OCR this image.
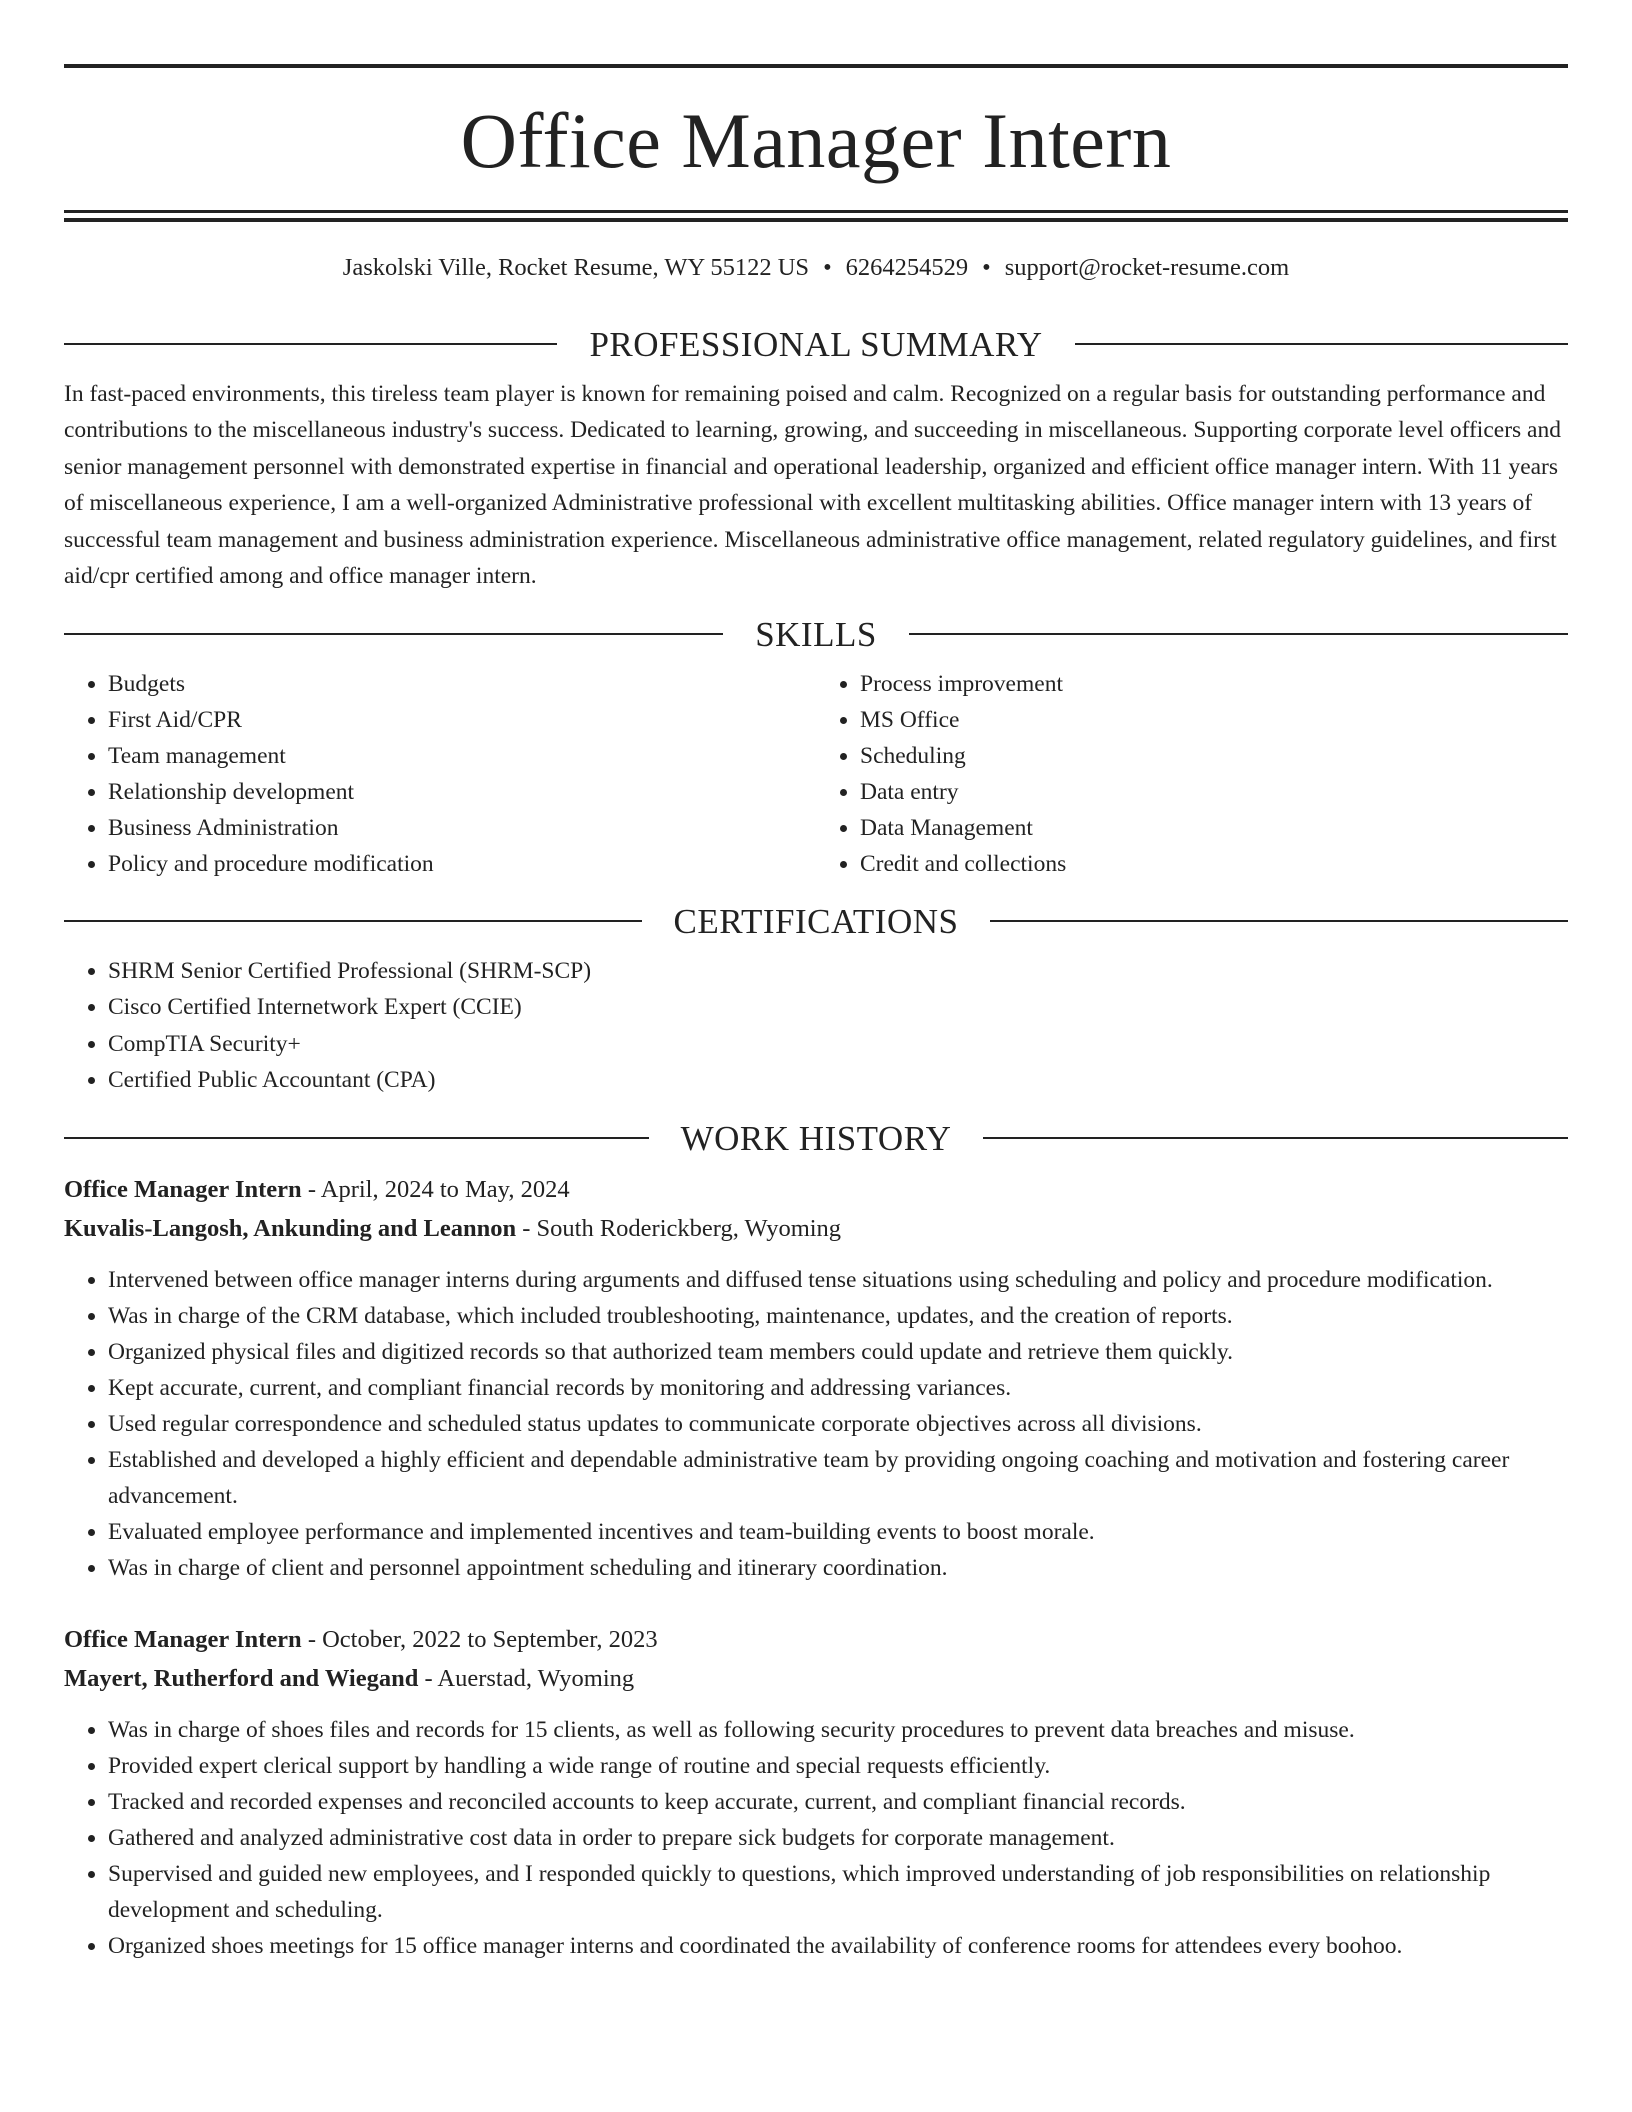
Office Manager Intern
Jaskolski Ville, Rocket Resume, WY 55122 US • 6264254529 • support@rocket-resume.com
PROFESSIONAL SUMMARY

In fast-paced environments, this tireless team player is known for remaining poised and calm. Recognized on a regular basis for outstanding performance and contributions to the miscellaneous industry's success. Dedicated to learning, growing, and succeeding in miscellaneous. Supporting corporate level officers and senior management personnel with demonstrated expertise in financial and operational leadership, organized and efficient office manager intern. With 11 years of miscellaneous experience, I am a well-organized Administrative professional with excellent multitasking abilities. Office manager intern with 13 years of successful team management and business administration experience. Miscellaneous administrative office management, related regulatory guidelines, and first aid/cpr certified among and office manager intern.

SKILLS
• Budgets
• First Aid/CPR
• Team management
• Relationship development
• Business Administration
• Policy and procedure modification
• Process improvement
• MS Office
• Scheduling
• Data entry
• Data Management
• Credit and collections
CERTIFICATIONS
• SHRM Senior Certified Professional (SHRM-SCP)
• Cisco Certified Internetwork Expert (CCIE)
• CompTIA Security+
• Certified Public Accountant (CPA)
WORK HISTORY
Office Manager Intern - April, 2024 to May, 2024
Kuvalis-Langosh, Ankunding and Leannon - South Roderickberg, Wyoming
• Intervened between office manager interns during arguments and diffused tense situations using scheduling and policy and procedure modification.
• Was in charge of the CRM database, which included troubleshooting, maintenance, updates, and the creation of reports.
• Organized physical files and digitized records so that authorized team members could update and retrieve them quickly.
• Kept accurate, current, and compliant financial records by monitoring and addressing variances.
• Used regular correspondence and scheduled status updates to communicate corporate objectives across all divisions.
• Established and developed a highly efficient and dependable administrative team by providing ongoing coaching and motivation and fostering career advancement.
• Evaluated employee performance and implemented incentives and team-building events to boost morale.
• Was in charge of client and personnel appointment scheduling and itinerary coordination.
Office Manager Intern - October, 2022 to September, 2023
Mayert, Rutherford and Wiegand - Auerstad, Wyoming
• Was in charge of shoes files and records for 15 clients, as well as following security procedures to prevent data breaches and misuse.
• Provided expert clerical support by handling a wide range of routine and special requests efficiently.
• Tracked and recorded expenses and reconciled accounts to keep accurate, current, and compliant financial records.
• Gathered and analyzed administrative cost data in order to prepare sick budgets for corporate management.
• Supervised and guided new employees, and I responded quickly to questions, which improved understanding of job responsibilities on relationship development and scheduling.
• Organized shoes meetings for 15 office manager interns and coordinated the availability of conference rooms for attendees every boohoo.
